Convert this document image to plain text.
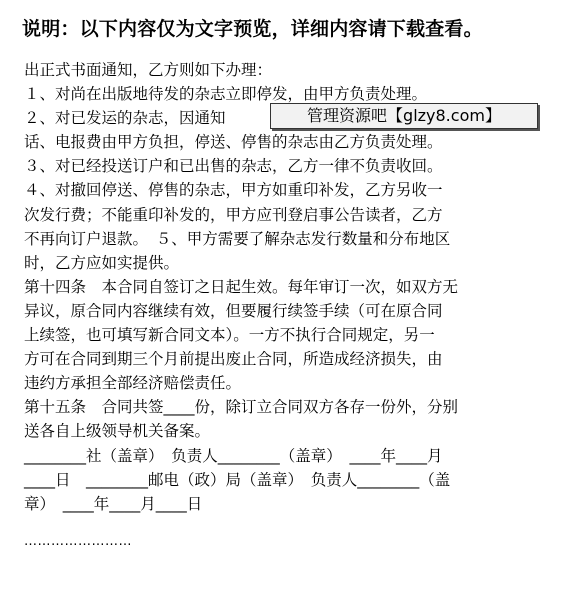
说明：以下内容仅为文字预览，详细内容请下载查看。
出正式书面通知，乙方则如下办理：
１、对尚在出版地待发的杂志立即停发，由甲方负责处理。
２、对已发运的杂志，因通知
话、电报费由甲方负担，停送、停售的杂志由乙方负责处理。
３、对已经投送订户和已出售的杂志，乙方一律不负责收回。
４、对撤回停送、停售的杂志，甲方如重印补发，乙方另收一
次发行费；不能重印补发的，甲方应刊登启事公告读者，乙方
不再向订户退款。　５、甲方需要了解杂志发行数量和分布地区
时，乙方应如实提供。
第十四条　本合同自签订之日起生效。每年审订一次，如双方无
异议，原合同内容继续有效，但要履行续签手续（可在原合同
上续签，也可填写新合同文本）。一方不执行合同规定，另一
方可在合同到期三个月前提出废止合同，所造成经济损失，由
违约方承担全部经济赔偿责任。
第十五条　合同共签____份，除订立合同双方各存一份外，分别
送各自上级领导机关备案。
________社（盖章）　负责人________（盖章）　____年____月
____日　________邮电（政）局（盖章）　负责人________（盖
章）　____年____月____日
管理资源吧【glzy8.com】
……………………
